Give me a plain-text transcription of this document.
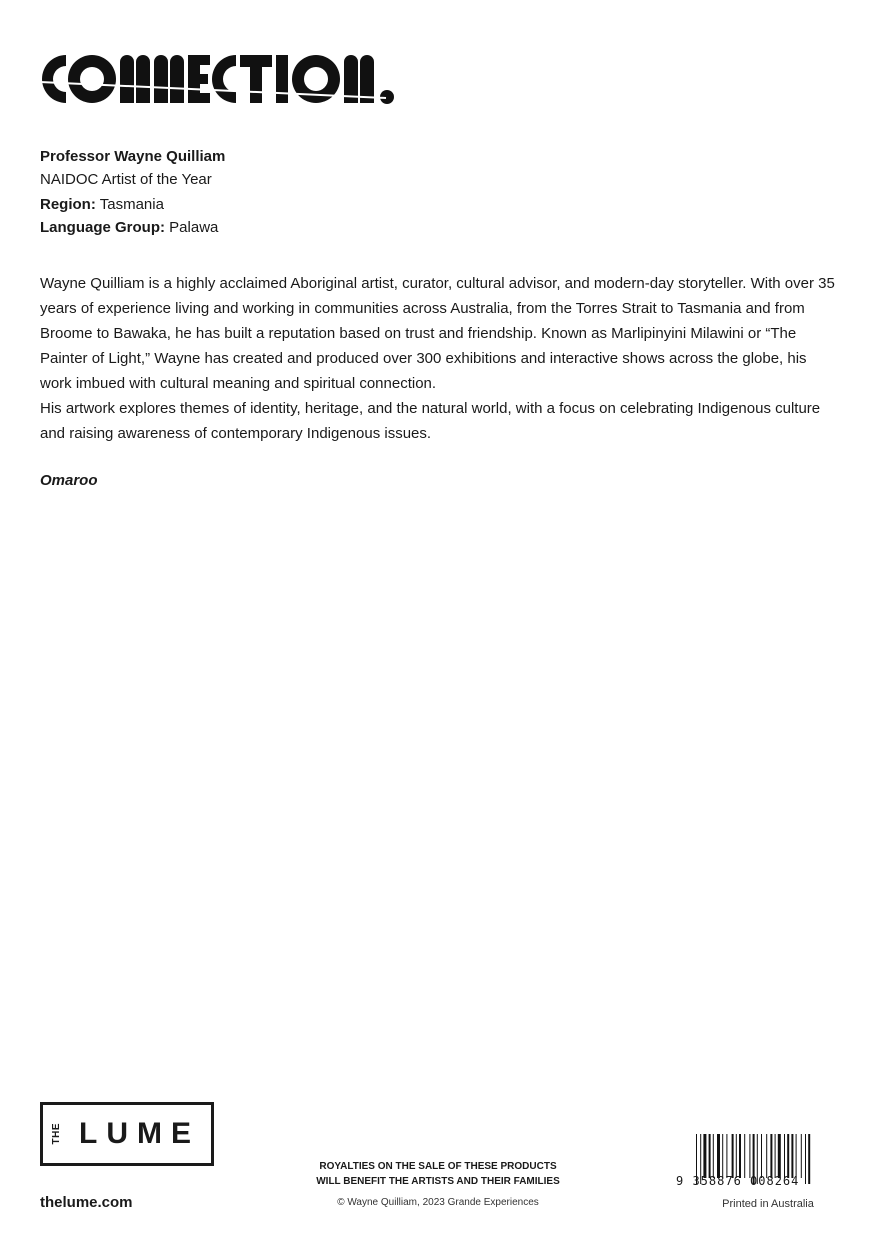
Professor Wayne Quilliam
NAIDOC Artist of the Year
Region: Tasmania
Language Group: Palawa

Wayne Quilliam is a highly acclaimed Aboriginal artist, curator, cultural advisor, and modern-day storyteller. With over 35 years of experience living and working in communities across Australia, from the Torres Strait to Tasmania and from Broome to Bawaka, he has built a reputation based on trust and friendship. Known as Marlipinyini Milawini or “The Painter of Light,” Wayne has created and produced over 300 exhibitions and interactive shows across the globe, his work imbued with cultural meaning and spiritual connection.

His artwork explores themes of identity, heritage, and the natural world, with a focus on celebrating Indigenous culture and raising awareness of contemporary Indigenous issues.

Omaroo
THE LUME
thelume.com
ROYALTIES ON THE SALE OF THESE PRODUCTS
WILL BENEFIT THE ARTISTS AND THEIR FAMILIES
© Wayne Quilliam, 2023 Grande Experiences
9 358876 008264
Printed in Australia
